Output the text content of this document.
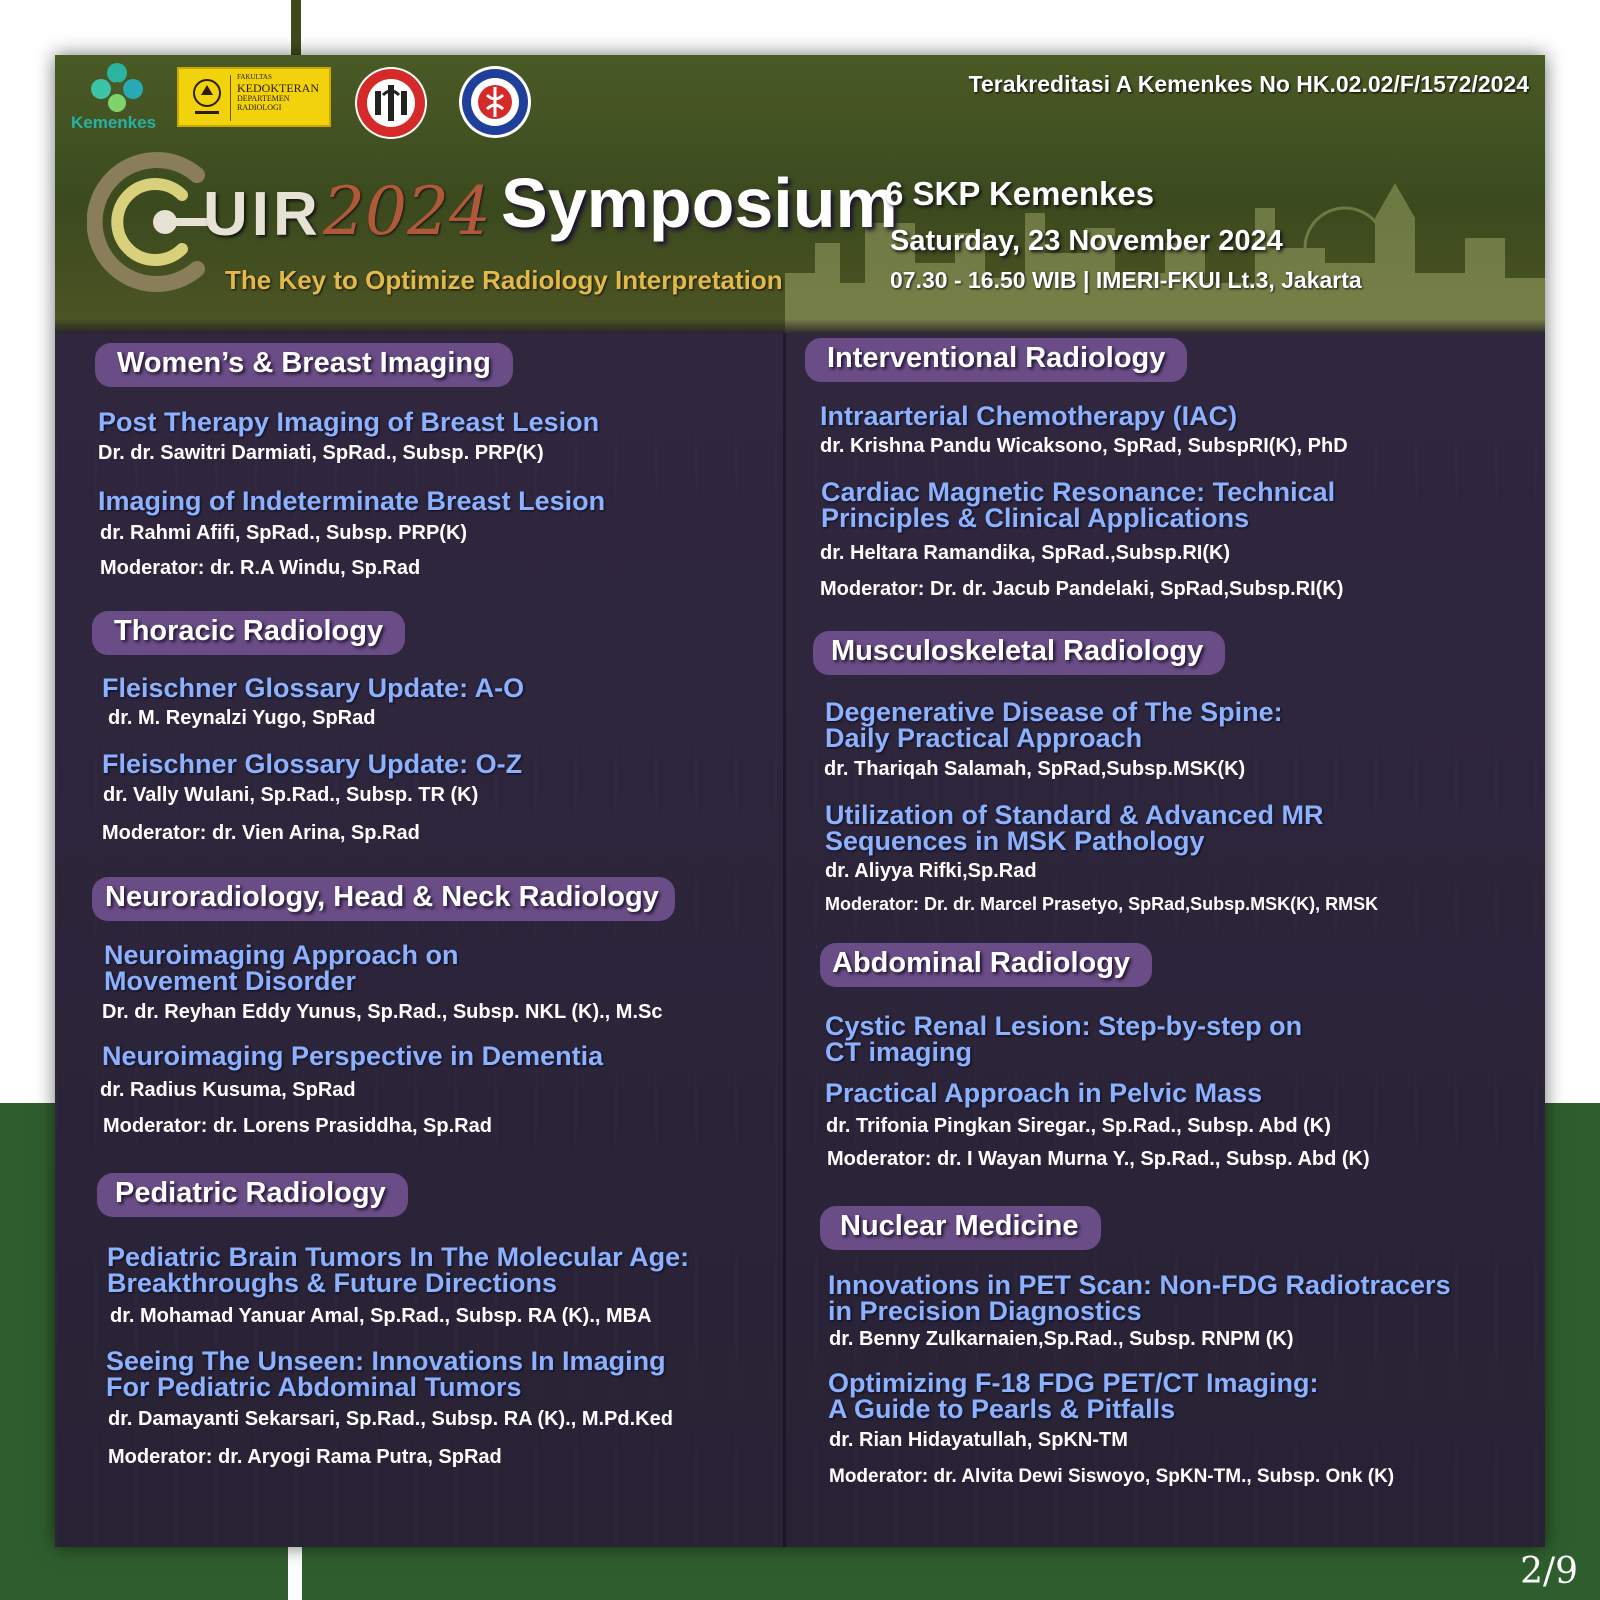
Kemenkes
FAKULTAS
KEDOKTERAN
DEPARTEMEN
RADIOLOGI
Terakreditasi A Kemenkes No HK.02.02/F/1572/2024
UIR 2024 Symposium
The Key to Optimize Radiology Interpretation
6 SKP Kemenkes
Saturday, 23 November 2024
07.30 - 16.50 WIB | IMERI-FKUI Lt.3, Jakarta
Women’s & Breast Imaging
Post Therapy Imaging of Breast Lesion
Dr. dr. Sawitri Darmiati, SpRad., Subsp. PRP(K)
Imaging of Indeterminate Breast Lesion
dr. Rahmi Afifi, SpRad., Subsp. PRP(K)
Moderator: dr. R.A Windu, Sp.Rad
Thoracic Radiology
Fleischner Glossary Update: A-O
dr. M. Reynalzi Yugo, SpRad
Fleischner Glossary Update: O-Z
dr. Vally Wulani, Sp.Rad., Subsp. TR (K)
Moderator: dr. Vien Arina, Sp.Rad
Neuroradiology, Head & Neck Radiology
Neuroimaging Approach on
Movement Disorder
Dr. dr. Reyhan Eddy Yunus, Sp.Rad., Subsp. NKL (K)., M.Sc
Neuroimaging Perspective in Dementia
dr. Radius Kusuma, SpRad
Moderator: dr. Lorens Prasiddha, Sp.Rad
Pediatric Radiology
Pediatric Brain Tumors In The Molecular Age:
Breakthroughs & Future Directions
dr. Mohamad Yanuar Amal, Sp.Rad., Subsp. RA (K)., MBA
Seeing The Unseen: Innovations In Imaging
For Pediatric Abdominal Tumors
dr. Damayanti Sekarsari, Sp.Rad., Subsp. RA (K)., M.Pd.Ked
Moderator: dr. Aryogi Rama Putra, SpRad
Interventional Radiology
Intraarterial Chemotherapy (IAC)
dr. Krishna Pandu Wicaksono, SpRad, SubspRI(K), PhD
Cardiac Magnetic Resonance: Technical
Principles & Clinical Applications
dr. Heltara Ramandika, SpRad.,Subsp.RI(K)
Moderator: Dr. dr. Jacub Pandelaki, SpRad,Subsp.RI(K)
Musculoskeletal Radiology
Degenerative Disease of The Spine:
Daily Practical Approach
dr. Thariqah Salamah, SpRad,Subsp.MSK(K)
Utilization of Standard & Advanced MR
Sequences in MSK Pathology
dr. Aliyya Rifki,Sp.Rad
Moderator: Dr. dr. Marcel Prasetyo, SpRad,Subsp.MSK(K), RMSK
Abdominal Radiology
Cystic Renal Lesion: Step-by-step on
CT imaging
Practical Approach in Pelvic Mass
dr. Trifonia Pingkan Siregar., Sp.Rad., Subsp. Abd (K)
Moderator: dr. I Wayan Murna Y., Sp.Rad., Subsp. Abd (K)
Nuclear Medicine
Innovations in PET Scan: Non-FDG Radiotracers
in Precision Diagnostics
dr. Benny Zulkarnaien,Sp.Rad., Subsp. RNPM (K)
Optimizing F-18 FDG PET/CT Imaging:
A Guide to Pearls & Pitfalls
dr. Rian Hidayatullah, SpKN-TM
Moderator: dr. Alvita Dewi Siswoyo, SpKN-TM., Subsp. Onk (K)
2/9
